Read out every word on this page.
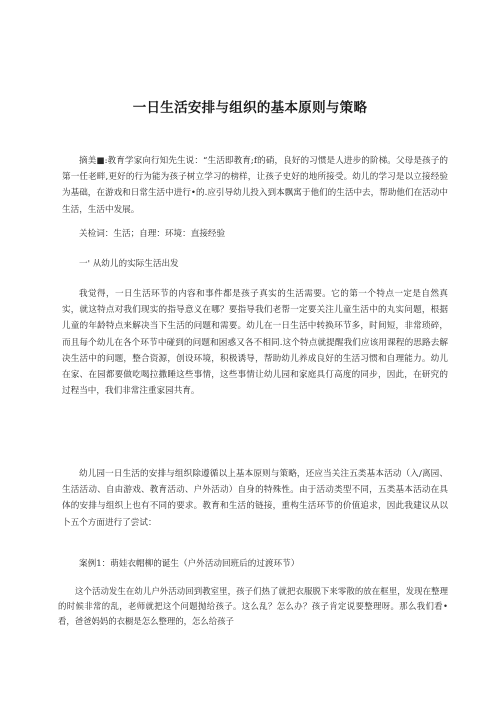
一日生活安排与组织的基本原则与策略
摘美■:教育学家向行知先生说：“生活即教育;f的硝，良好的习惯是人进步的阶梯。父母是孩子的第一任老畔,更好的行为能为孩子树立学习的榜样，让孩子史好的地所接受。幼儿的学习是以立接经验为基础，在游戏和日常生活中进行•的.应引导幼儿投入到本飘寓于他们的生活中去，帮助他们在活动中生活，生活中发展。
关检词：生活；自理：环境：直接经验
一' 从幼儿的实际生活出发
我觉得，一日生活环节的内容和事件都是孩子真实的生活需要。它的第一个特点一定是自然真实，就这特点对我们现实的指导意义在哪？要指导我们老帮一定要关注儿童生活中的丸实问题，根据儿童的年龄特点来解决当下生活的问题和需要。幼儿在一日生活中转换环节多，时间短，非常琐碎，而且每个幼儿在各个环节中碰到的问题和困惑又各不相同.这个特点就提醒我们应该用课程的思路去解决生活中的问题，整合资源，创设环境，积极诱导，帮助幼儿养成良好的生活习惯和自理能力。幼儿在家、在园都要做吃喝拉撒睡这些事情，这些事情让幼儿园和家庭具仃高度的同步，因此，在研究的过程当中，我们非常注重家园共育。
幼儿园一日生活的安排与组织除遵循以上基本原则与策略，还应当关注五类基本活动（入/离园、生活活动、自由游戏、教育活动、户外活动）自身的特殊性。由于活动类型不同，五类基本活动在具体的安排与组织上也有不同的要求。教育和生活的链接，重构生活环节的价值追求，因此我建议从以卜五个方面进行了尝试：
案例1：萌娃衣帽柳的诞生（户外活动回班后的过渡环节）
这个活动发生在幼儿户外活动回到教室里，孩子们热了就把衣服脱下来零散的放在框里，发现在整理的时候非常的乱，老师就把这个问题抛给孩子。这么乱？怎么办？孩子肯定说要整理呀。那么我们看•看，爸爸妈妈的衣橱是怎么整理的，怎么给孩子
